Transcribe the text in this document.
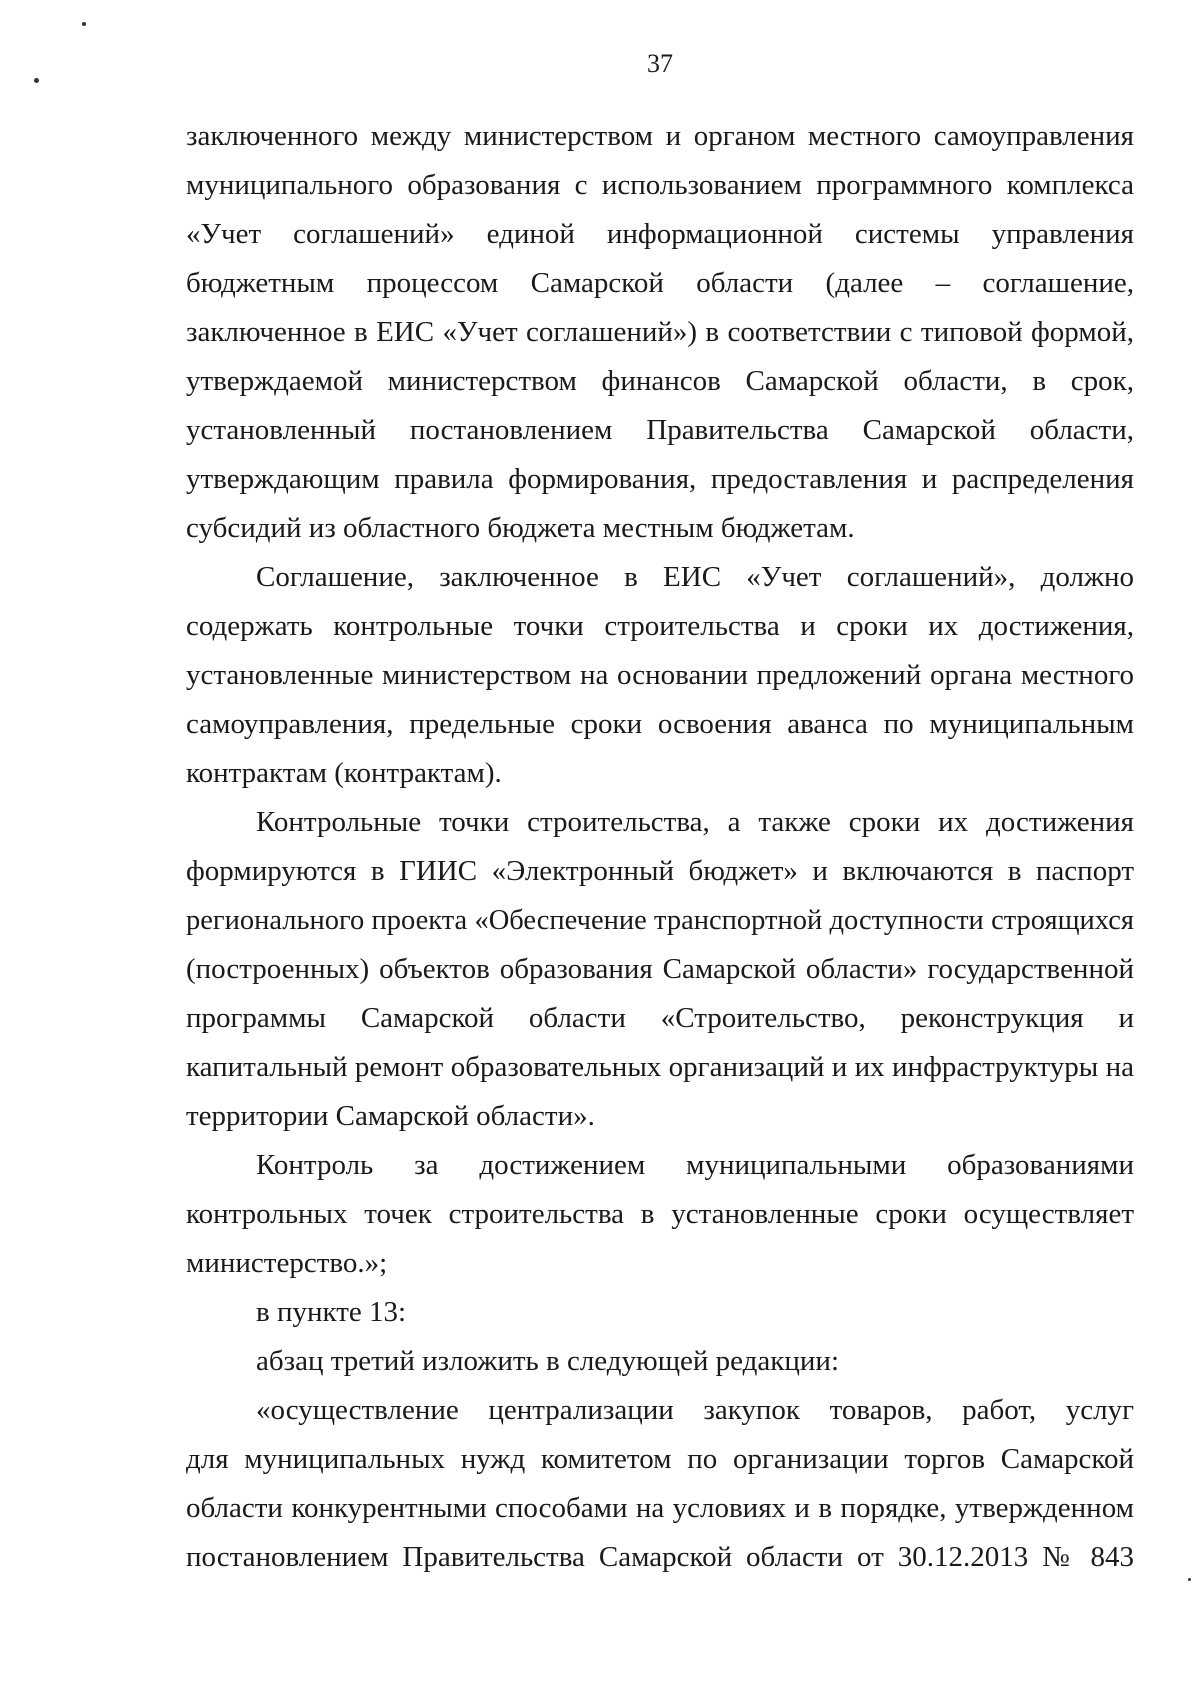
37
заключенного между министерством и органом местного самоуправления
муниципального образования с использованием программного комплекса
«Учет соглашений» единой информационной системы управления
бюджетным процессом Самарской области (далее – соглашение,
заключенное в ЕИС «Учет соглашений») в соответствии с типовой формой,
утверждаемой министерством финансов Самарской области, в срок,
установленный постановлением Правительства Самарской области,
утверждающим правила формирования, предоставления и распределения
субсидий из областного бюджета местным бюджетам.
Соглашение, заключенное в ЕИС «Учет соглашений», должно
содержать контрольные точки строительства и сроки их достижения,
установленные министерством на основании предложений органа местного
самоуправления, предельные сроки освоения аванса по муниципальным
контрактам (контрактам).
Контрольные точки строительства, а также сроки их достижения
формируются в ГИИС «Электронный бюджет» и включаются в паспорт
регионального проекта «Обеспечение транспортной доступности строящихся
(построенных) объектов образования Самарской области» государственной
программы Самарской области «Строительство, реконструкция и
капитальный ремонт образовательных организаций и их инфраструктуры на
территории Самарской области».
Контроль за достижением муниципальными образованиями
контрольных точек строительства в установленные сроки осуществляет
министерство.»;
в пункте 13:
абзац третий изложить в следующей редакции:
«осуществление централизации закупок товаров, работ, услуг
для муниципальных нужд комитетом по организации торгов Самарской
области конкурентными способами на условиях и в порядке, утвержденном
постановлением Правительства Самарской области от 30.12.2013 № 843
